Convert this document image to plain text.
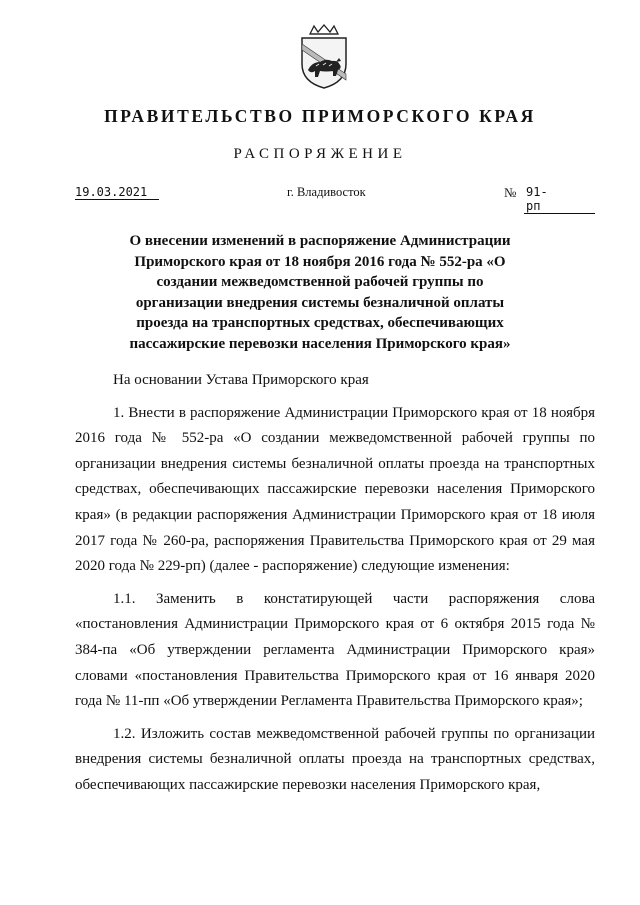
ПРАВИТЕЛЬСТВО ПРИМОРСКОГО КРАЯ
РАСПОРЯЖЕНИЕ
19.03.2021	г. Владивосток	№ 91-рп
О внесении изменений в распоряжение Администрации Приморского края от 18 ноября 2016 года № 552-ра «О создании межведомственной рабочей группы по организации внедрения системы безналичной оплаты проезда на транспортных средствах, обеспечивающих пассажирские перевозки населения Приморского края»

На основании Устава Приморского края

1. Внести в распоряжение Администрации Приморского края от 18 ноября 2016 года № 552-ра «О создании межведомственной рабочей группы по организации внедрения системы безналичной оплаты проезда на транспортных средствах, обеспечивающих пассажирские перевозки населения Приморского края» (в редакции распоряжения Администрации Приморского края от 18 июля 2017 года № 260-ра, распоряжения Правительства Приморского края от 29 мая 2020 года № 229-рп) (далее - распоряжение) следующие изменения:

1.1. Заменить в констатирующей части распоряжения слова «постановления Администрации Приморского края от 6 октября 2015 года № 384-па «Об утверждении регламента Администрации Приморского края» словами «постановления Правительства Приморского края от 16 января 2020 года № 11-пп «Об утверждении Регламента Правительства Приморского края»;

1.2. Изложить состав межведомственной рабочей группы по организации внедрения системы безналичной оплаты проезда на транспортных средствах, обеспечивающих пассажирские перевозки населения Приморского края,
